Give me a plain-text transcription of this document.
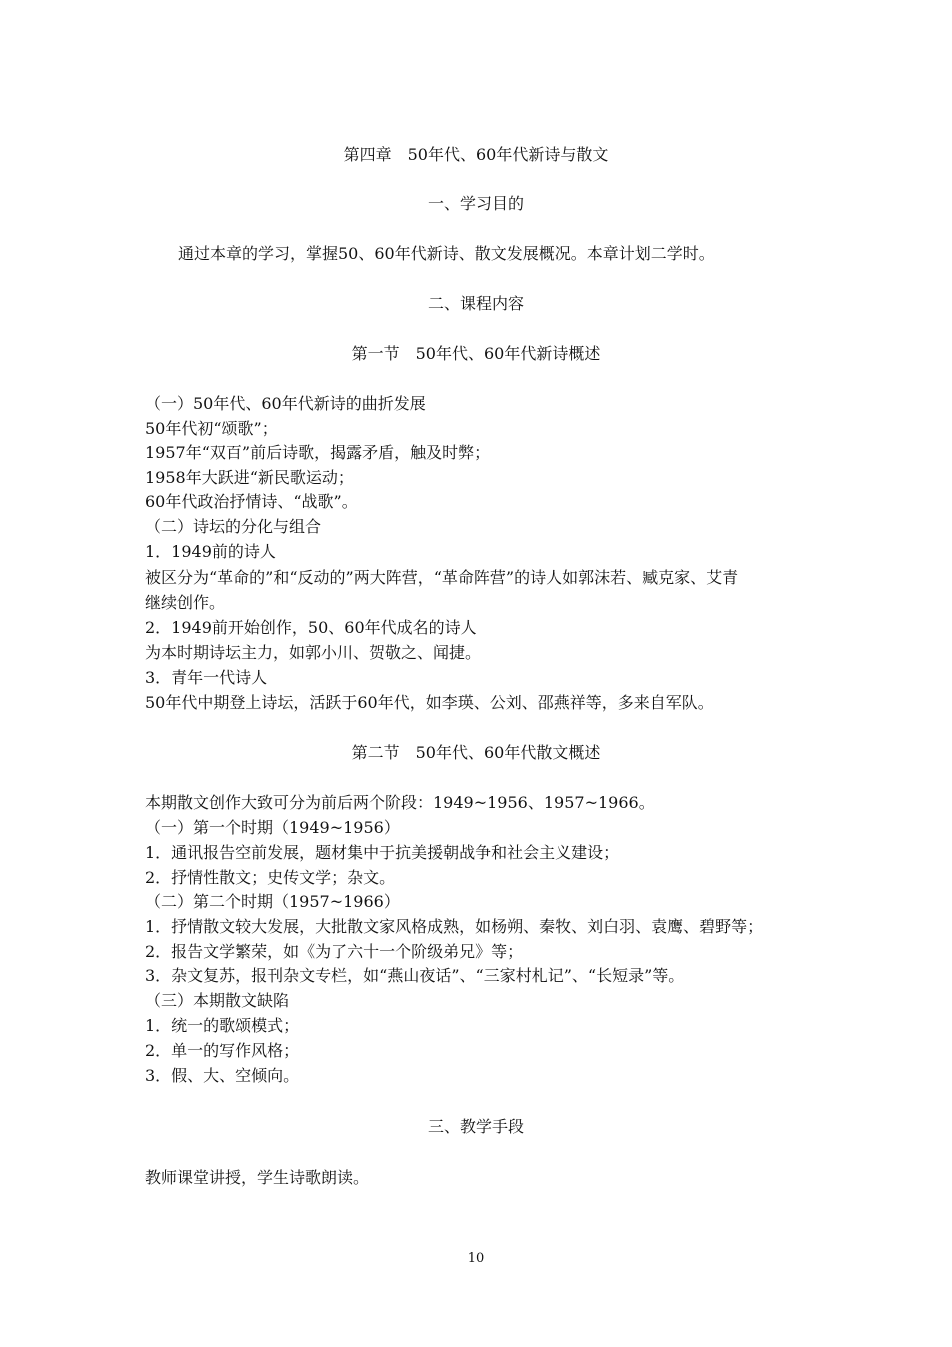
第四章　50年代、60年代新诗与散文
一、学习目的
通过本章的学习，掌握50、60年代新诗、散文发展概况。本章计划二学时。
二、课程内容
第一节　50年代、60年代新诗概述
（一）50年代、60年代新诗的曲折发展
50年代初“颂歌”；
1957年“双百”前后诗歌，揭露矛盾，触及时弊；
1958年大跃进“新民歌运动；
60年代政治抒情诗、“战歌”。
（二）诗坛的分化与组合
1．1949前的诗人
被区分为“革命的”和“反动的”两大阵营，“革命阵营”的诗人如郭沫若、臧克家、艾青
继续创作。
2．1949前开始创作，50、60年代成名的诗人
为本时期诗坛主力，如郭小川、贺敬之、闻捷。
3．青年一代诗人
50年代中期登上诗坛，活跃于60年代，如李瑛、公刘、邵燕祥等，多来自军队。
第二节　50年代、60年代散文概述
本期散文创作大致可分为前后两个阶段：1949~1956、1957~1966。
（一）第一个时期（1949~1956）
1．通讯报告空前发展，题材集中于抗美援朝战争和社会主义建设；
2．抒情性散文；史传文学；杂文。
（二）第二个时期（1957~1966）
1．抒情散文较大发展，大批散文家风格成熟，如杨朔、秦牧、刘白羽、袁鹰、碧野等；
2．报告文学繁荣，如《为了六十一个阶级弟兄》等；
3．杂文复苏，报刊杂文专栏，如“燕山夜话”、“三家村札记”、“长短录”等。
（三）本期散文缺陷
1．统一的歌颂模式；
2．单一的写作风格；
3．假、大、空倾向。
三、教学手段
教师课堂讲授，学生诗歌朗读。
10
